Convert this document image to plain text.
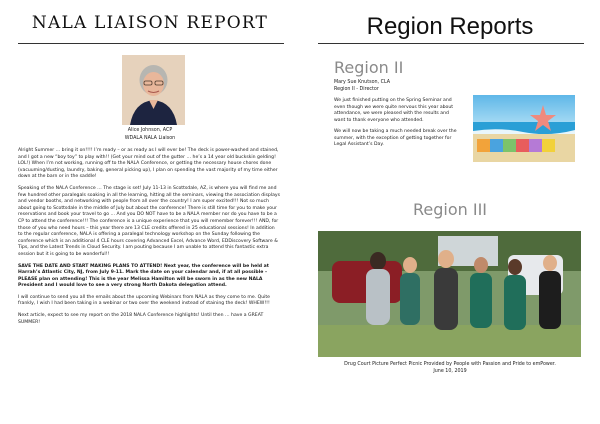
NALA LIAISON REPORT
Alice Johnson, ACP
WDALA NALA Liaison

Alright Summer … bring it on!!!! I’m ready – or as ready as I will ever be! The deck is power-washed and stained, and I got a new “boy toy” to play with!! (Get your mind out of the gutter … he’s a 14 year old buckskin gelding! LOL!) When I’m not working, running off to the NALA Conference, or getting the necessary house chores done (vacuuming/dusting, laundry, baking, general picking up), I plan on spending the vast majority of my time either down at the barn or in the saddle!

Speaking of the NALA Conference … The stage is set! July 11-13 in Scottsdale, AZ, is where you will find me and few hundred other paralegals soaking in all the learning, hitting all the seminars, viewing the association displays and vendor booths, and networking with people from all over the country! I am super excited!!! Not so much about going to Scottsdale in the middle of July but about the conference! There is still time for you to make your reservations and book your travel to go … And you DO NOT have to be a NALA member nor do you have to be a CP to attend the conference!!! The conference is a unique experience that you will remember forever!!! AND, for those of you who need hours – this year there are 13 CLE credits offered in 25 educational sessions! In addition to the regular conference, NALA is offering a paralegal technology workshop on the Sunday following the conference which is an additional 4 CLE hours covering Advanced Excel, Advance Word, EDDiscovery Software & Tips, and the Latest Trends in Cloud Security. I am pouting because I am unable to attend this fantastic extra session but it is going to be wonderful!!

SAVE THE DATE AND START MAKING PLANS TO ATTEND! Next year, the conference will be held at Harrah’s Atlantic City, NJ, from July 9-11. Mark the date on your calendar and, if at all possible – PLEASE plan on attending! This is the year Melissa Hamilton will be sworn in as the new NALA President and I would love to see a very strong North Dakota delegation attend.

I will continue to send you all the emails about the upcoming Webinars from NALA as they come to me. Quite frankly, I wish I had been taking in a webinar or two over the weekend instead of staining the deck! WHEW!!!

Next article, expect to see my report on the 2018 NALA Conference highlights! Until then … have a GREAT SUMMER!

Region Reports
Region II
Mary Sue Knutson, CLA
Region II - Director

We just finished putting on the Spring Seminar and even though we were quite nervous this year about attendance, we were pleased with the results and want to thank everyone who attended.

We will now be taking a much needed break over the summer, with the exception of getting together for Legal Assistant’s Day.

Region III
Drug Court Picture Perfect Picnic Provided by People with Passion and Pride to emPower.
June 10, 2019
